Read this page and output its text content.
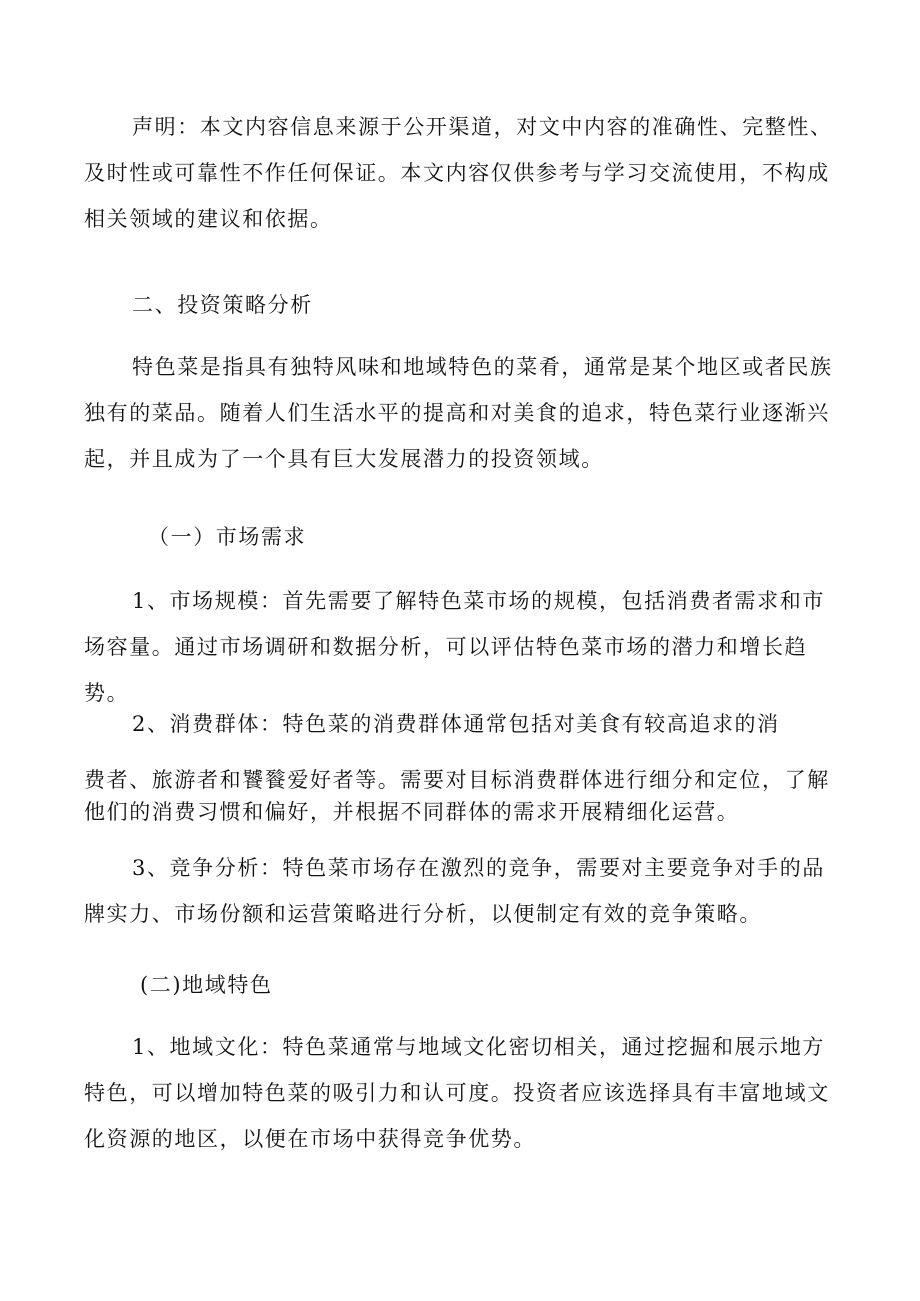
声明：本文内容信息来源于公开渠道，对文中内容的准确性、完整性、及时性或可靠性不作任何保证。本文内容仅供参考与学习交流使用，不构成相关领域的建议和依据。

二、投资策略分析

特色菜是指具有独特风味和地域特色的菜肴，通常是某个地区或者民族独有的菜品。随着人们生活水平的提高和对美食的追求，特色菜行业逐渐兴起，并且成为了一个具有巨大发展潜力的投资领域。

（一）市场需求

1、市场规模：首先需要了解特色菜市场的规模，包括消费者需求和市场容量。通过市场调研和数据分析，可以评估特色菜市场的潜力和增长趋势。

2、消费群体：特色菜的消费群体通常包括对美食有较高追求的消

费者、旅游者和饕餮爱好者等。需要对目标消费群体进行细分和定位，了解他们的消费习惯和偏好，并根据不同群体的需求开展精细化运营。

3、竞争分析：特色菜市场存在激烈的竞争，需要对主要竞争对手的品牌实力、市场份额和运营策略进行分析，以便制定有效的竞争策略。

(二)地域特色

1、地域文化：特色菜通常与地域文化密切相关，通过挖掘和展示地方特色，可以增加特色菜的吸引力和认可度。投资者应该选择具有丰富地域文化资源的地区，以便在市场中获得竞争优势。
